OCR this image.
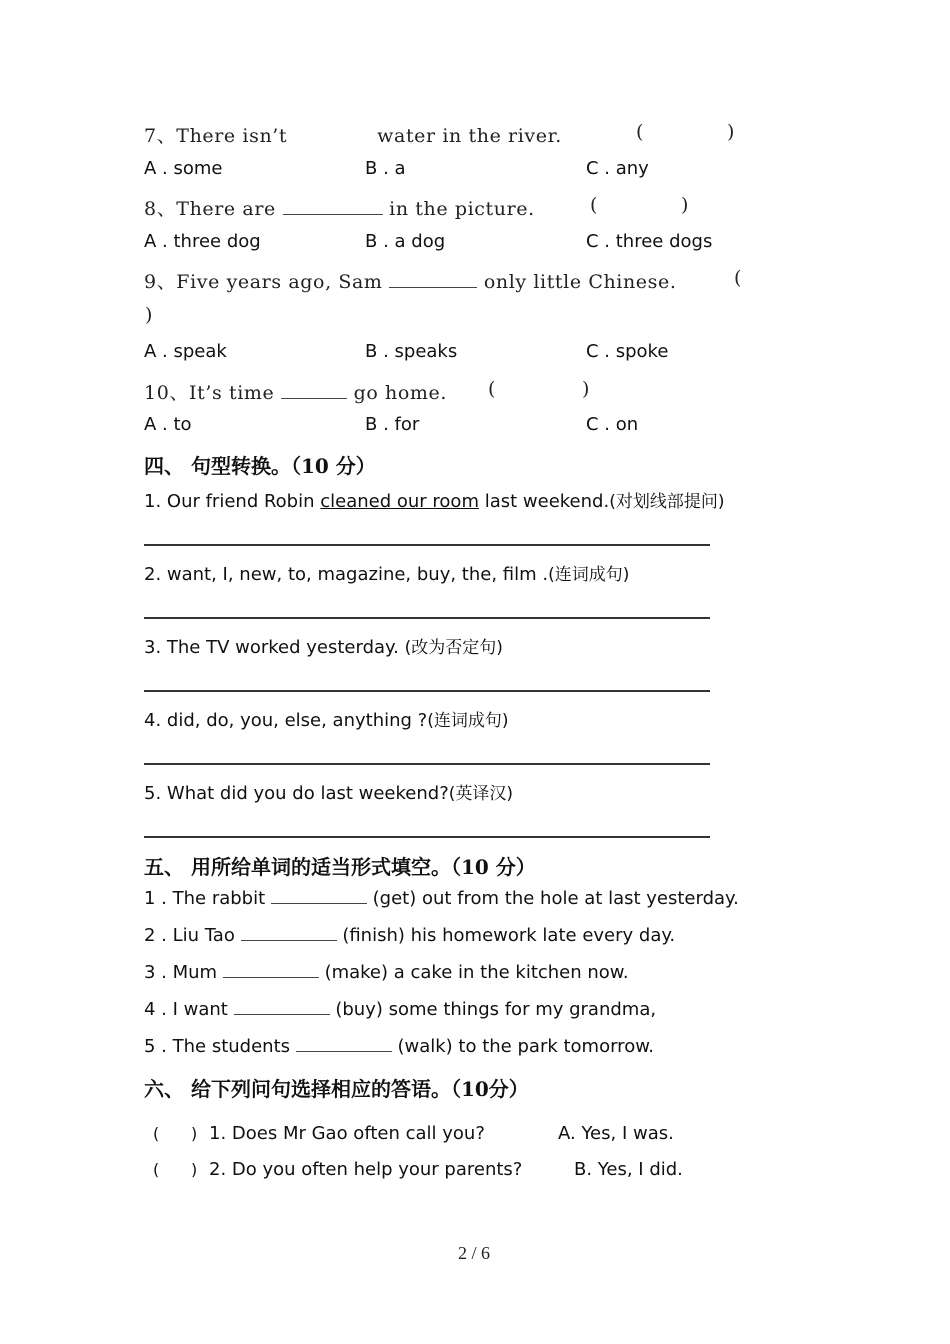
7、There isn’t	water in the river.	(	)
A . some	B . a	C . any
8、There are	in the picture.	(	)
A . three dog	B . a dog	C . three dogs
9、Five years ago, Sam	only little Chinese.	(
)
A . speak	B . speaks	C . spoke
10、It’s time	go home. (	)
A . to	B . for	C . on
四、 句型转换。（10 分）
1. Our friend Robin cleaned our room last weekend.(对划线部提问)
2. want, I, new, to, magazine, buy, the, film .(连词成句)
3. The TV worked yesterday. (改为否定句)
4. did, do, you, else, anything ?(连词成句)
5. What did you do last weekend?(英译汉)
五、 用所给单词的适当形式填空。（10 分）
1 . The rabbit	(get) out from the hole at last yesterday.
2 . Liu Tao	(finish) his homework late every day.
3 . Mum	(make) a cake in the kitchen now.
4 . I want	(buy) some things for my grandma,
5 . The students	(walk) to the park tomorrow.
六、 给下列问句选择相应的答语。（10分）
( ) 1. Does Mr Gao often call you?	A. Yes, I was.
( ) 2. Do you often help your parents?	B. Yes, I did.
2 / 6
